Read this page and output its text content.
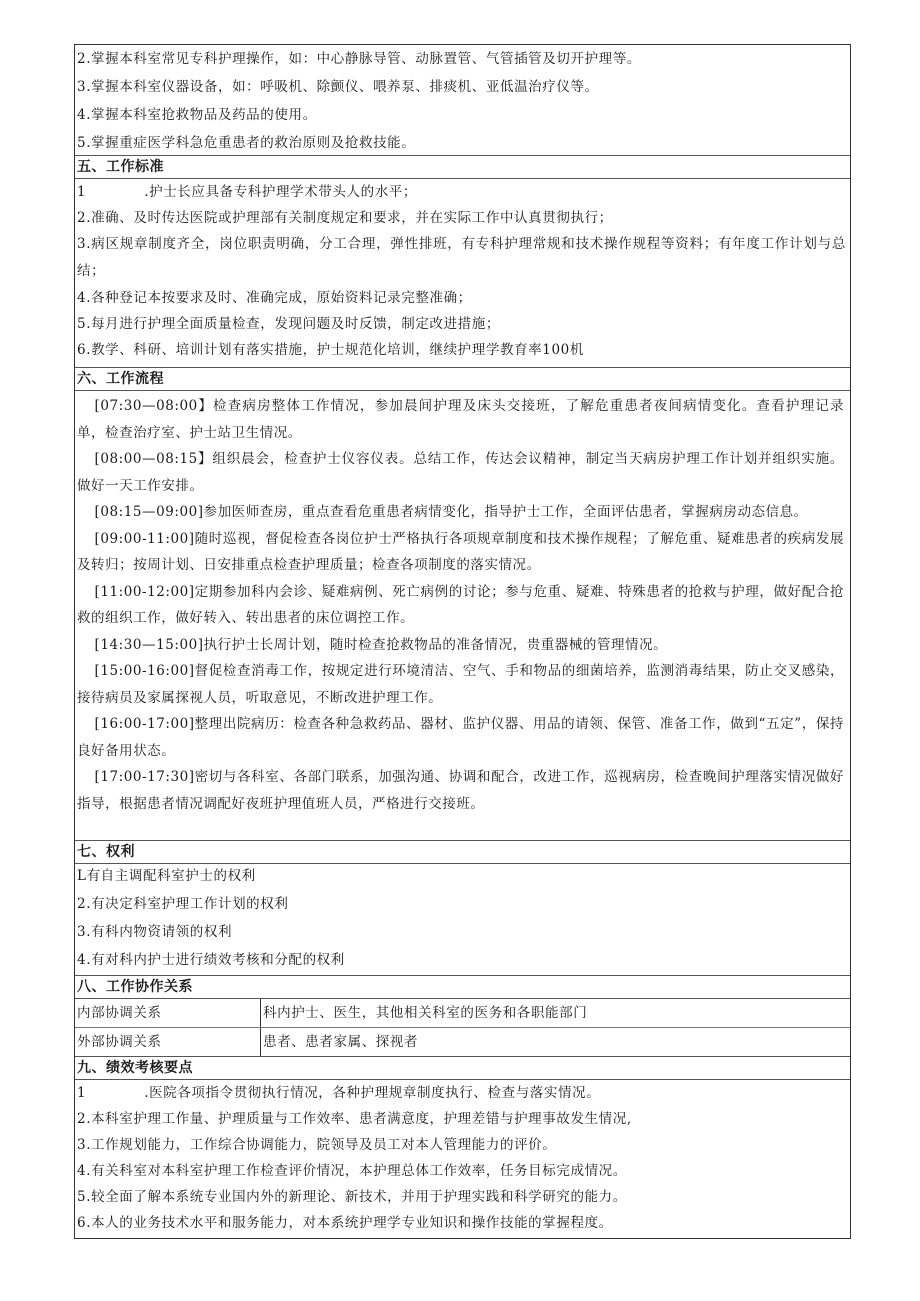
2.掌握本科室常见专科护理操作，如：中心静脉导管、动脉置管、气管插管及切开护理等。
3.掌握本科室仪器设备，如：呼吸机、除颤仪、喂养泵、排痰机、亚低温治疗仪等。
4.掌握本科室抢救物品及药品的使用。
5.掌握重症医学科急危重患者的救治原则及抢救技能。
五、工作标准
1	.护士长应具备专科护理学术带头人的水平；
2.准确、及时传达医院或护理部有关制度规定和要求，并在实际工作中认真贯彻执行；
3.病区规章制度齐全，岗位职责明确，分工合理，弹性排班，有专科护理常规和技术操作规程等资料；有年度工作计划与总结；
4.各种登记本按要求及时、准确完成，原始资料记录完整准确；
5.每月进行护理全面质量检查，发现问题及时反馈，制定改进措施；
6.教学、科研、培训计划有落实措施，护士规范化培训，继续护理学教育率100机
六、工作流程
[07:30—08:00】检查病房整体工作情况，参加晨间护理及床头交接班，了解危重患者夜间病情变化。查看护理记录单，检查治疗室、护士站卫生情况。
[08:00—08:15】组织晨会，检查护士仪容仪表。总结工作，传达会议精神，制定当天病房护理工作计划并组织实施。做好一天工作安排。
[08:15—09:00]参加医师查房，重点查看危重患者病情变化，指导护士工作，全面评估患者，掌握病房动态信息。
[09:00-11:00]随时巡视，督促检查各岗位护士严格执行各项规章制度和技术操作规程；了解危重、疑难患者的疾病发展及转归；按周计划、日安排重点检查护理质量；检查各项制度的落实情况。
[11:00-12:00]定期参加科内会诊、疑难病例、死亡病例的讨论；参与危重、疑难、特殊患者的抢救与护理，做好配合抢救的组织工作，做好转入、转出患者的床位调控工作。
[14:30—15:00]执行护士长周计划，随时检查抢救物品的准备情况，贵重器械的管理情况。
[15:00-16:00]督促检查消毒工作，按规定进行环境清洁、空气、手和物品的细菌培养，监测消毒结果，防止交叉感染，接待病员及家属探视人员，听取意见，不断改进护理工作。
[16:00-17:00]整理出院病历：检查各种急救药品、器材、监护仪器、用品的请领、保管、准备工作，做到“五定”，保持良好备用状态。
[17:00-17:30]密切与各科室、各部门联系，加强沟通、协调和配合，改进工作，巡视病房，检查晚间护理落实情况做好指导，根据患者情况调配好夜班护理值班人员，严格进行交接班。
七、权利
L有自主调配科室护士的权利
2.有决定科室护理工作计划的权利
3.有科内物资请领的权利
4.有对科内护士进行绩效考核和分配的权利
八、工作协作关系
内部协调关系	科内护士、医生，其他相关科室的医务和各职能部门
外部协调关系	患者、患者家属、探视者
九、绩效考核要点
1	.医院各项指令贯彻执行情况，各种护理规章制度执行、检查与落实情况。
2.本科室护理工作量、护理质量与工作效率、患者满意度，护理差错与护理事故发生情况,
3.工作规划能力，工作综合协调能力，院领导及员工对本人管理能力的评价。
4.有关科室对本科室护理工作检查评价情况，本护理总体工作效率，任务目标完成情况。
5.较全面了解本系统专业国内外的新理论、新技术，并用于护理实践和科学研究的能力。
6.本人的业务技术水平和服务能力，对本系统护理学专业知识和操作技能的掌握程度。
